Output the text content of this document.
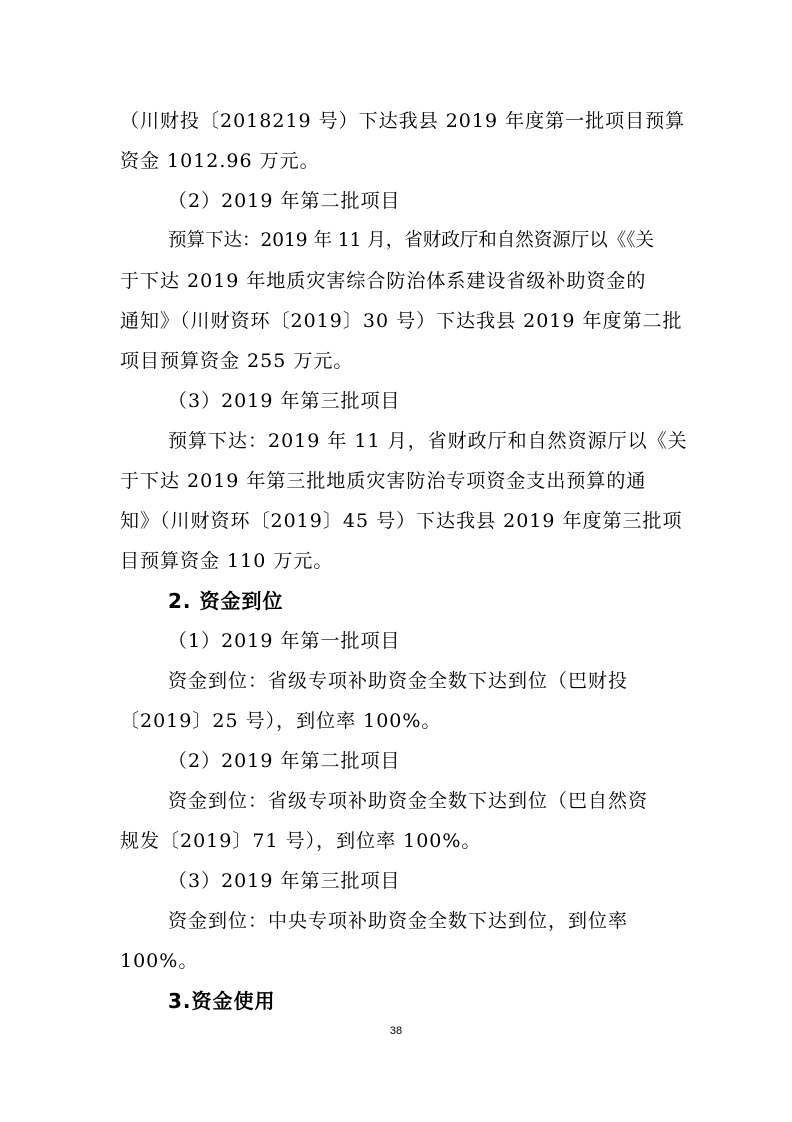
（川财投〔2018219 号）下达我县 2019 年度第一批项目预算
资金 1012.96 万元。
（2）2019 年第二批项目
预算下达：2019 年 11 月，省财政厅和自然资源厅以《《关
于下达 2019 年地质灾害综合防治体系建设省级补助资金的
通知》（川财资环〔2019〕30 号）下达我县 2019 年度第二批
项目预算资金 255 万元。
（3）2019 年第三批项目
预算下达：2019 年 11 月，省财政厅和自然资源厅以《关
于下达 2019 年第三批地质灾害防治专项资金支出预算的通
知》（川财资环〔2019〕45 号）下达我县 2019 年度第三批项
目预算资金 110 万元。
2. 资金到位
（1）2019 年第一批项目
资金到位：省级专项补助资金全数下达到位（巴财投
〔2019〕25 号），到位率 100%。
（2）2019 年第二批项目
资金到位：省级专项补助资金全数下达到位（巴自然资
规发〔2019〕71 号），到位率 100%。
（3）2019 年第三批项目
资金到位：中央专项补助资金全数下达到位，到位率
100%。
3.资金使用
38
